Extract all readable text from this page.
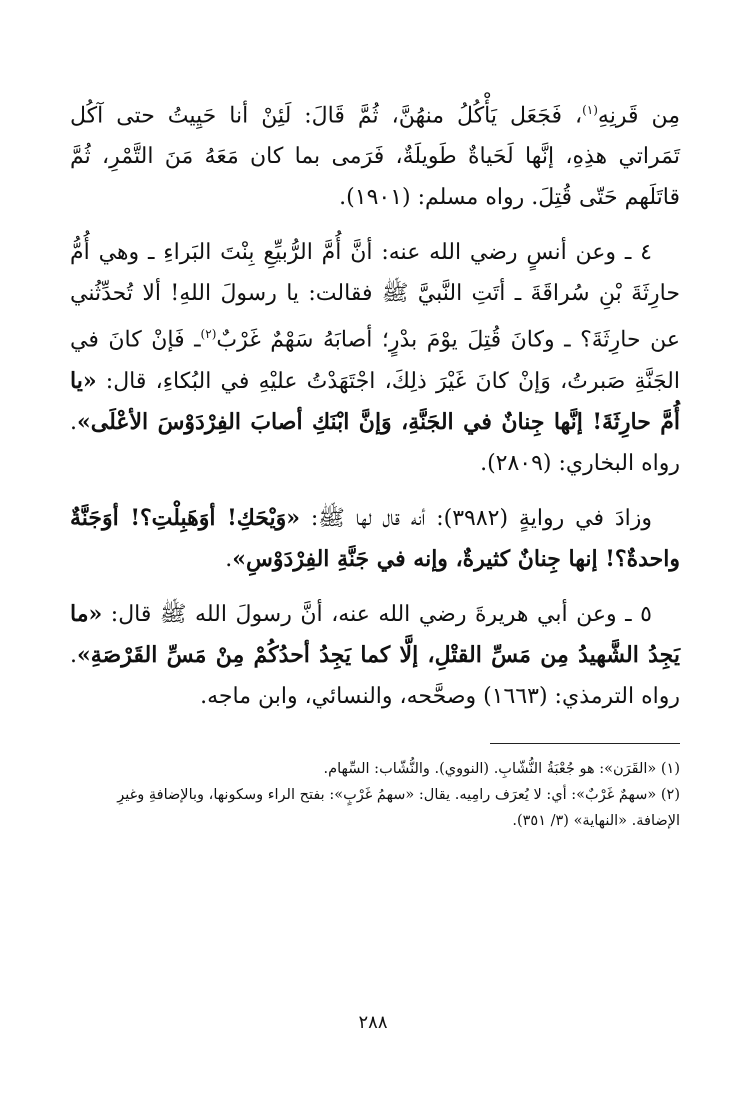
مِن قَرنِهِ$^{(١)}$، فَجَعَل يَأْكُلُ منهُنَّ، ثُمَّ قَالَ: لَئِنْ أنا حَيِيتُ حتى آكُل تَمَراتي هذِهِ، إنَّها لَحَياةٌ طَويلَةٌ، فَرَمى بما كان مَعَهُ مَنَ التَّمْرِ، ثُمَّ قاتَلَهم حَتّى قُتِلَ. رواه مسلم: (١٩٠١).

٤ ـ وعن أنسٍ رضي الله عنه: أنَّ أُمَّ الرُّبيِّعِ بِنْتَ البَراءِ ـ وهي أُمُّ حارِثَةَ بْنِ سُراقَةَ ـ أتَتِ النَّبيَّ ﷺ فقالت: يا رسولَ اللهِ! ألا تُحدِّثُني عن حارِثَةَ؟ ـ وكانَ قُتِلَ يوْمَ بدْرٍ؛ أصابَهُ سَهْمٌ غَرْبٌ$^{(٢)}$ـ فَإنْ كانَ في الجَنَّةِ صَبرتُ، وَإنْ كانَ غَيْرَ ذلِكَ، اجْتَهَدْتُ عليْهِ في البُكاءِ، قال: «يا أُمَّ حارِثَةَ! إنَّها جِنانٌ في الجَنَّةِ، وَإنَّ ابْنَكِ أصابَ الفِرْدَوْسَ الأعْلَى». رواه البخاري: (٢٨٠٩).

وزادَ في روايةٍ (٣٩٨٢): أنه قال لها ﷺ: «وَيْحَكِ! أوَهَبِلْتِ؟! أوَجَنَّةٌ واحدةٌ؟! إنها جِنانٌ كثيرةٌ، وإنه في جَنَّةِ الفِرْدَوْسِ».

٥ ـ وعن أبي هريرةَ رضي الله عنه، أنَّ رسولَ الله ﷺ قال: «ما يَجِدُ الشَّهيدُ مِن مَسِّ القتْلِ، إلَّا كما يَجِدُ أحدُكُمْ مِنْ مَسِّ القَرْصَةِ». رواه الترمذي: (١٦٦٣) وصحَّحه، والنسائي، وابن ماجه.

(١) «القَرَن»: هو جُعْبَةُ النُّشّابِ. (النووي). والنُّشّاب: السِّهام.

(٢) «سهمٌ غَرْبٌ»: أي: لا يُعرَف رامِيه. يقال: «سهمُ غَرْبٍ»: بفتح الراء وسكونها، وبالإضافةِ وغيرِ الإضافة. «النهاية» (٣/ ٣٥١).

٢٨٨
